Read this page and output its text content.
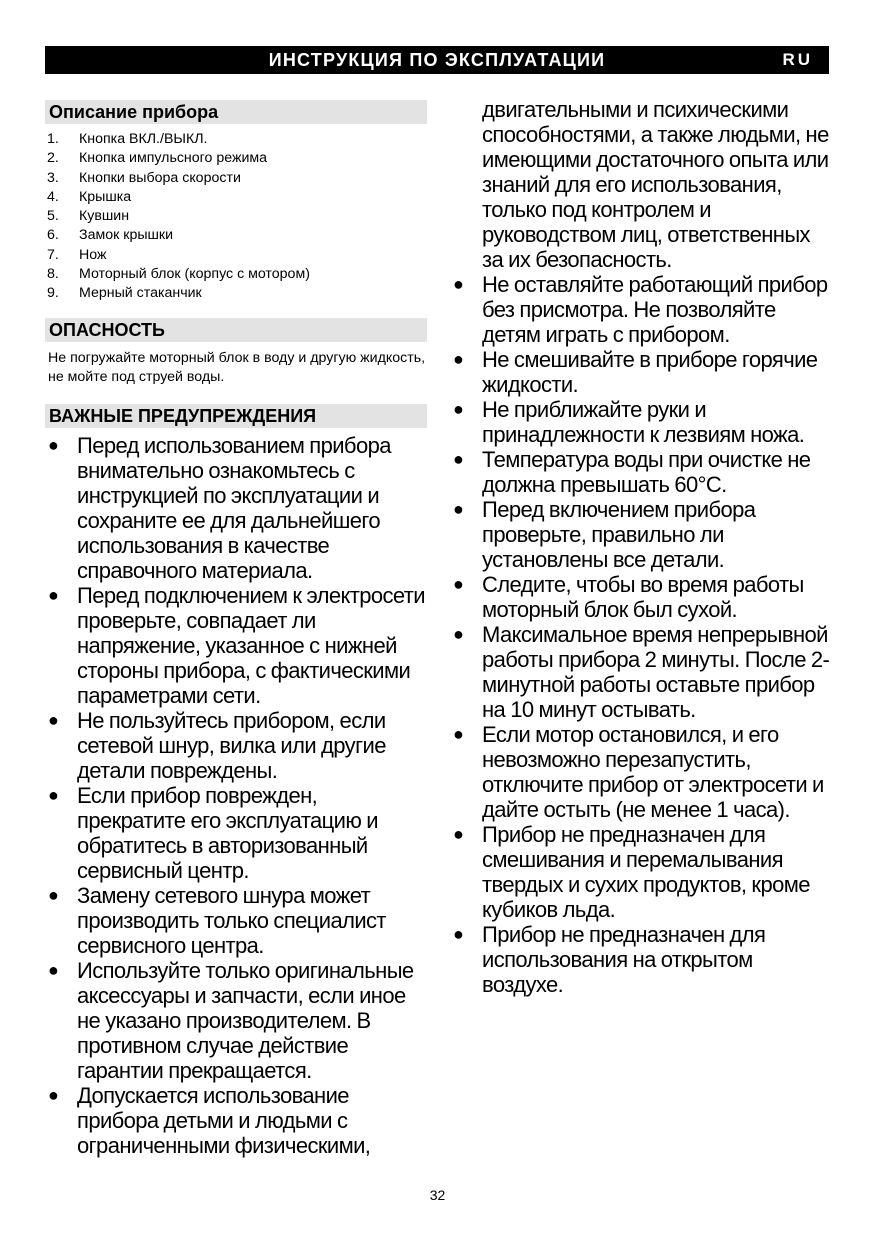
ИНСТРУКЦИЯ ПО ЭКСПЛУАТАЦИИ	RU
Описание прибора
1. Кнопка ВКЛ./ВЫКЛ.
2. Кнопка импульсного режима
3. Кнопки выбора скорости
4. Крышка
5. Кувшин
6. Замок крышки
7. Нож
8. Моторный блок (корпус с мотором)
9. Мерный стаканчик
ОПАСНОСТЬ

Не погружайте моторный блок в воду и другую жидкость, не мойте под струей воды.

ВАЖНЫЕ ПРЕДУПРЕЖДЕНИЯ
● Перед использованием прибора внимательно ознакомьтесь с инструкцией по эксплуатации и сохраните ее для дальнейшего использования в качестве справочного материала.
● Перед подключением к электросети проверьте, совпадает ли напряжение, указанное с нижней стороны прибора, с фактическими параметрами сети.
● Не пользуйтесь прибором, если сетевой шнур, вилка или другие детали повреждены.
● Если прибор поврежден, прекратите его эксплуатацию и обратитесь в авторизованный сервисный центр.
● Замену сетевого шнура может производить только специалист сервисного центра.
● Используйте только оригинальные аксессуары и запчасти, если иное не указано производителем. В противном случае действие гарантии прекращается.
● Допускается использование прибора детьми и людьми с ограниченными физическими,

двигательными и психическими способностями, а также людьми, не имеющими достаточного опыта или знаний для его использования, только под контролем и руководством лиц, ответственных за их безопасность.

● Не оставляйте работающий прибор без присмотра. Не позволяйте детям играть с прибором.
● Не смешивайте в приборе горячие жидкости.
● Не приближайте руки и принадлежности к лезвиям ножа.
● Температура воды при очистке не должна превышать 60°С.
● Перед включением прибора проверьте, правильно ли установлены все детали.
● Следите, чтобы во время работы моторный блок был сухой.
● Максимальное время непрерывной работы прибора 2 минуты. После 2-минутной работы оставьте прибор на 10 минут остывать.
● Если мотор остановился, и его невозможно перезапустить, отключите прибор от электросети и дайте остыть (не менее 1 часа).
● Прибор не предназначен для смешивания и перемалывания твердых и сухих продуктов, кроме кубиков льда.
● Прибор не предназначен для использования на открытом воздухе.
32
